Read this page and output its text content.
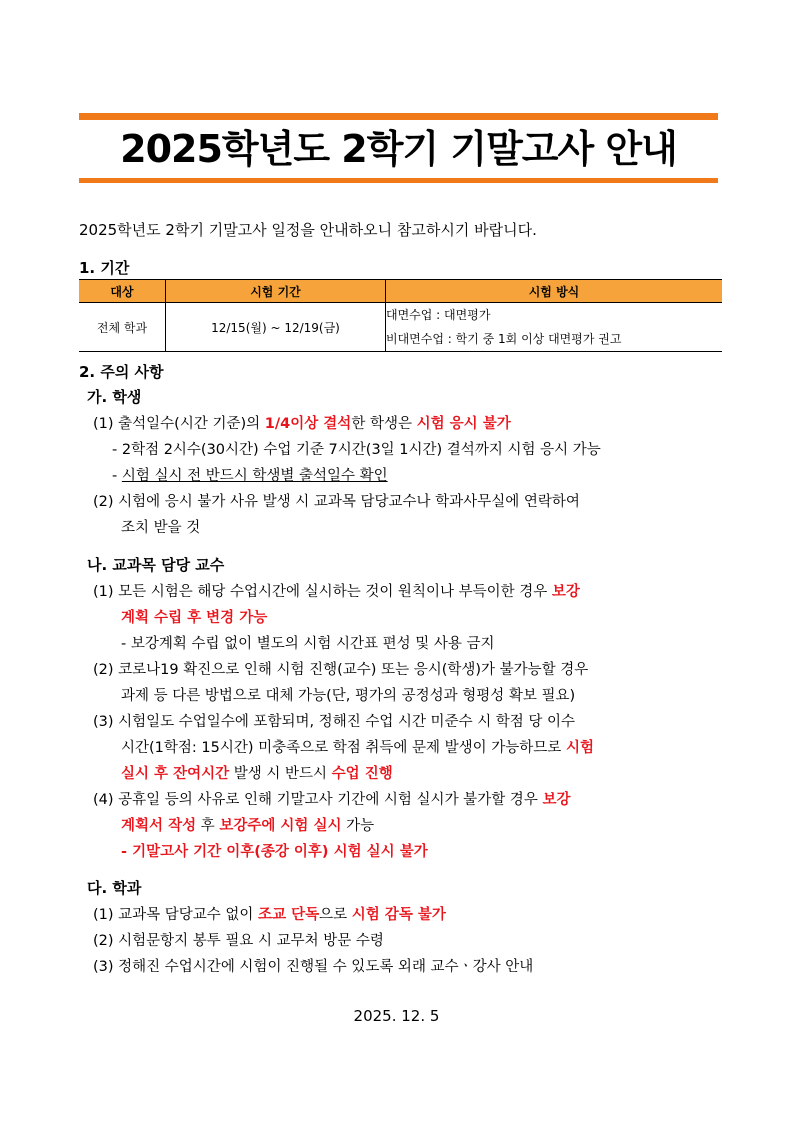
2025학년도 2학기 기말고사 안내
2025학년도 2학기 기말고사 일정을 안내하오니 참고하시기 바랍니다.
1. 기간
대상	시험 기간	시험 방식
전체 학과	12/15(월) ~ 12/19(금)	대면수업 : 대면평가
비대면수업 : 학기 중 1회 이상 대면평가 권고
2. 주의 사항
가. 학생
(1) 출석일수(시간 기준)의 1/4이상 결석한 학생은 시험 응시 불가
- 2학점 2시수(30시간) 수업 기준 7시간(3일 1시간) 결석까지 시험 응시 가능
- 시험 실시 전 반드시 학생별 출석일수 확인
(2) 시험에 응시 불가 사유 발생 시 교과목 담당교수나 학과사무실에 연락하여
조치 받을 것
나. 교과목 담당 교수
(1) 모든 시험은 해당 수업시간에 실시하는 것이 원칙이나 부득이한 경우 보강
계획 수립 후 변경 가능
- 보강계획 수립 없이 별도의 시험 시간표 편성 및 사용 금지
(2) 코로나19 확진으로 인해 시험 진행(교수) 또는 응시(학생)가 불가능할 경우
과제 등 다른 방법으로 대체 가능(단, 평가의 공정성과 형평성 확보 필요)
(3) 시험일도 수업일수에 포함되며, 정해진 수업 시간 미준수 시 학점 당 이수
시간(1학점: 15시간) 미충족으로 학점 취득에 문제 발생이 가능하므로 시험
실시 후 잔여시간 발생 시 반드시 수업 진행
(4) 공휴일 등의 사유로 인해 기말고사 기간에 시험 실시가 불가할 경우 보강
계획서 작성 후 보강주에 시험 실시 가능
- 기말고사 기간 이후(종강 이후) 시험 실시 불가
다. 학과
(1) 교과목 담당교수 없이 조교 단독으로 시험 감독 불가
(2) 시험문항지 봉투 필요 시 교무처 방문 수령
(3) 정해진 수업시간에 시험이 진행될 수 있도록 외래 교수ㆍ강사 안내
2025. 12. 5
